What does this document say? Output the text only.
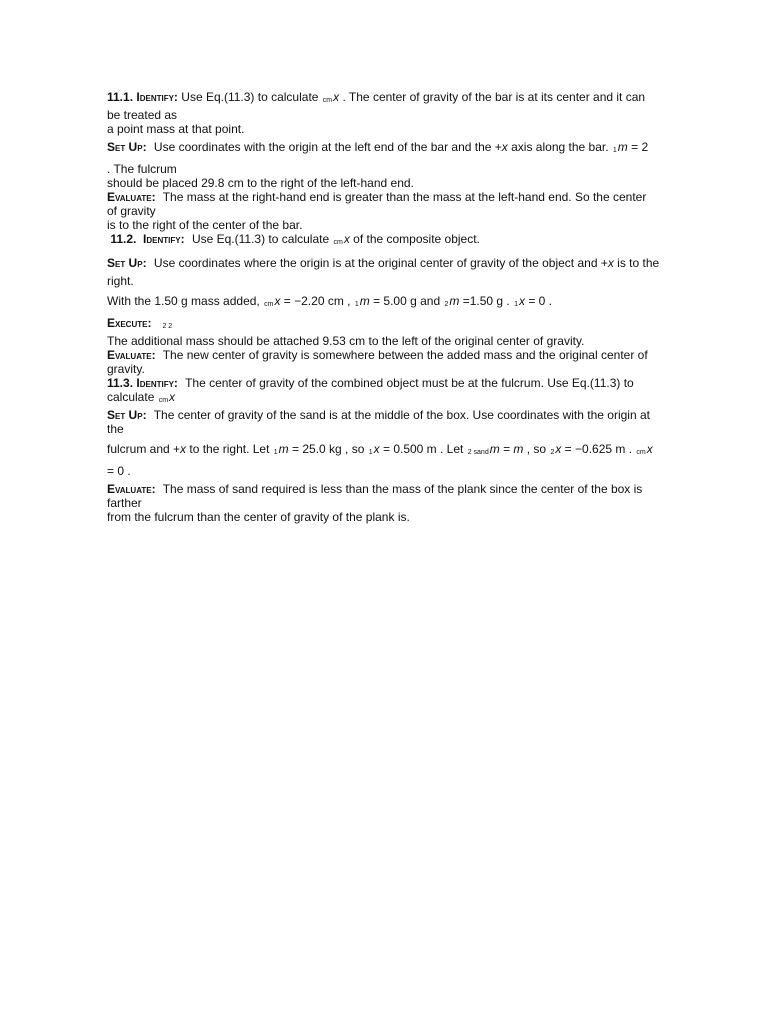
11.1. Identify: Use Eq.(11.3) to calculate cmx . The center of gravity of the bar is at its center and it can
be treated as
a point mass at that point.
Set Up: Use coordinates with the origin at the left end of the bar and the +x axis along the bar. 1m = 2
. The fulcrum
should be placed 29.8 cm to the right of the left-hand end.
Evaluate: The mass at the right-hand end is greater than the mass at the left-hand end. So the center
of gravity
is to the right of the center of the bar.
11.2. Identify: Use Eq.(11.3) to calculate cmx of the composite object.
Set Up: Use coordinates where the origin is at the original center of gravity of the object and +x is to the
right.
With the 1.50 g mass added, cmx = −2.20 cm , 1m = 5.00 g and 2m =1.50 g . 1x = 0 .
Execute: 2 2
The additional mass should be attached 9.53 cm to the left of the original center of gravity.
Evaluate: The new center of gravity is somewhere between the added mass and the original center of
gravity.
11.3. Identify: The center of gravity of the combined object must be at the fulcrum. Use Eq.(11.3) to
calculate cmx
Set Up: The center of gravity of the sand is at the middle of the box. Use coordinates with the origin at
the
fulcrum and +x to the right. Let 1m = 25.0 kg , so 1x = 0.500 m . Let 2 sandm = m , so 2x = −0.625 m . cmx
= 0 .
Evaluate: The mass of sand required is less than the mass of the plank since the center of the box is
farther
from the fulcrum than the center of gravity of the plank is.
